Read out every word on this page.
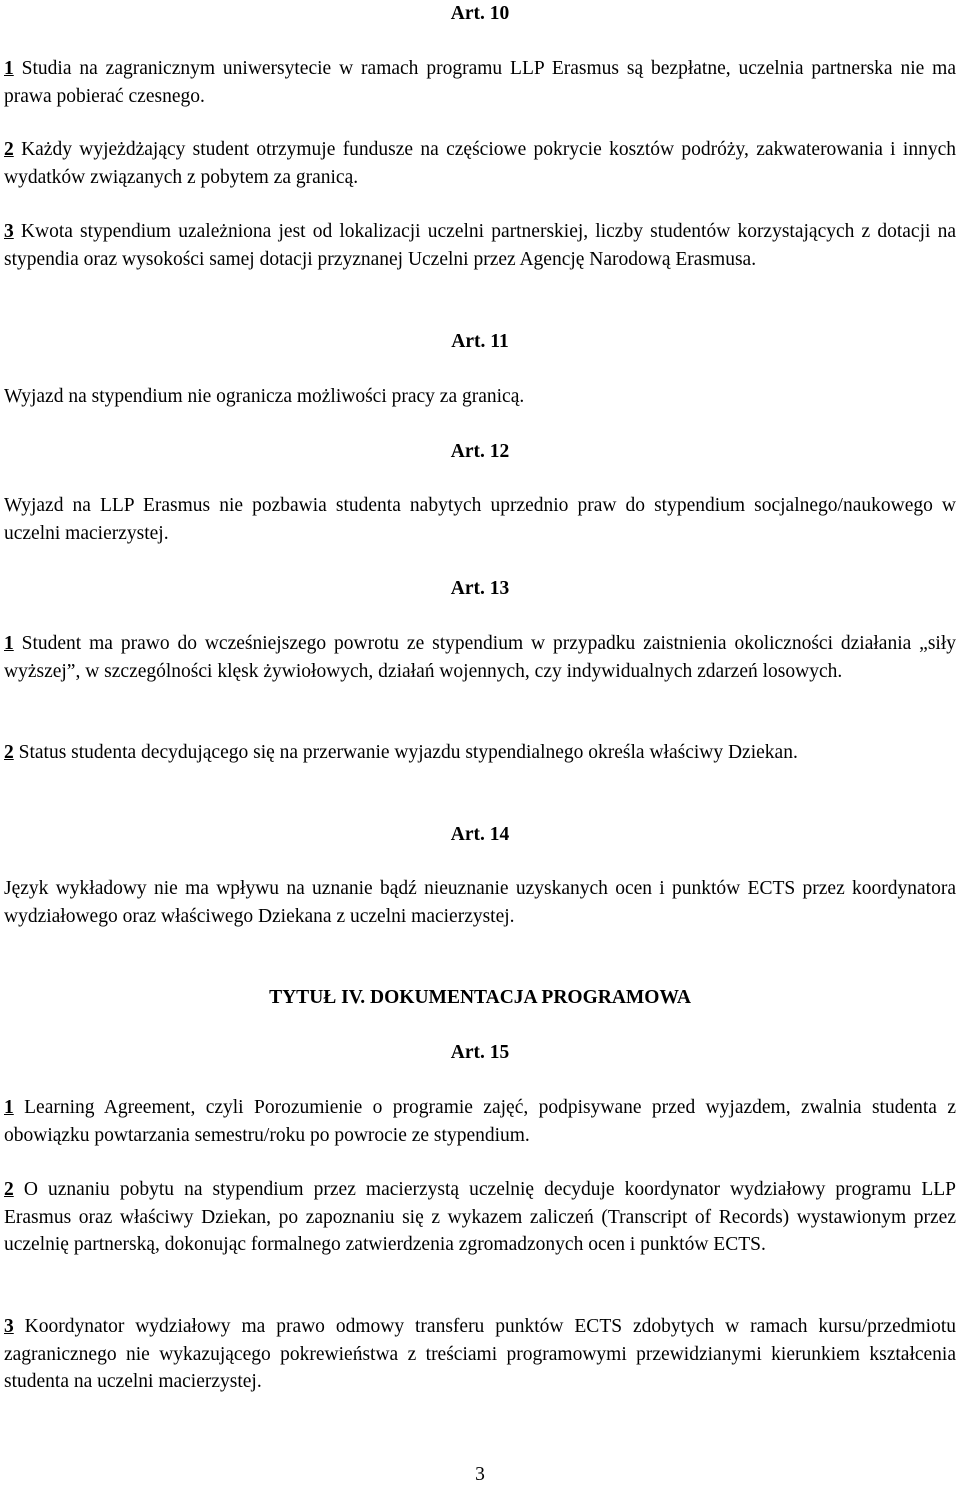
Art. 10

1 Studia na zagranicznym uniwersytecie w ramach programu LLP Erasmus są bezpłatne, uczelnia partnerska nie ma prawa pobierać czesnego.

2 Każdy wyjeżdżający student otrzymuje fundusze na częściowe pokrycie kosztów podróży, zakwaterowania i innych wydatków związanych z pobytem za granicą.

3 Kwota stypendium uzależniona jest od lokalizacji uczelni partnerskiej, liczby studentów korzystających z dotacji na stypendia oraz wysokości samej dotacji przyznanej Uczelni przez Agencję Narodową Erasmusa.

Art. 11

Wyjazd na stypendium nie ogranicza możliwości pracy za granicą.

Art. 12

Wyjazd na LLP Erasmus nie pozbawia studenta nabytych uprzednio praw do stypendium socjalnego/naukowego w uczelni macierzystej.

Art. 13

1 Student ma prawo do wcześniejszego powrotu ze stypendium w przypadku zaistnienia okoliczności działania „siły wyższej”, w szczególności klęsk żywiołowych, działań wojennych, czy indywidualnych zdarzeń losowych.

2 Status studenta decydującego się na przerwanie wyjazdu stypendialnego określa właściwy Dziekan.

Art. 14

Język wykładowy nie ma wpływu na uznanie bądź nieuznanie uzyskanych ocen i punktów ECTS przez koordynatora wydziałowego oraz właściwego Dziekana z uczelni macierzystej.

TYTUŁ IV. DOKUMENTACJA PROGRAMOWA

Art. 15

1 Learning Agreement, czyli Porozumienie o programie zajęć, podpisywane przed wyjazdem, zwalnia studenta z obowiązku powtarzania semestru/roku po powrocie ze stypendium.

2 O uznaniu pobytu na stypendium przez macierzystą uczelnię decyduje koordynator wydziałowy programu LLP Erasmus oraz właściwy Dziekan, po zapoznaniu się z wykazem zaliczeń (Transcript of Records) wystawionym przez uczelnię partnerską, dokonując formalnego zatwierdzenia zgromadzonych ocen i punktów ECTS.

3 Koordynator wydziałowy ma prawo odmowy transferu punktów ECTS zdobytych w ramach kursu/przedmiotu zagranicznego nie wykazującego pokrewieństwa z treściami programowymi przewidzianymi kierunkiem kształcenia studenta na uczelni macierzystej.

3
